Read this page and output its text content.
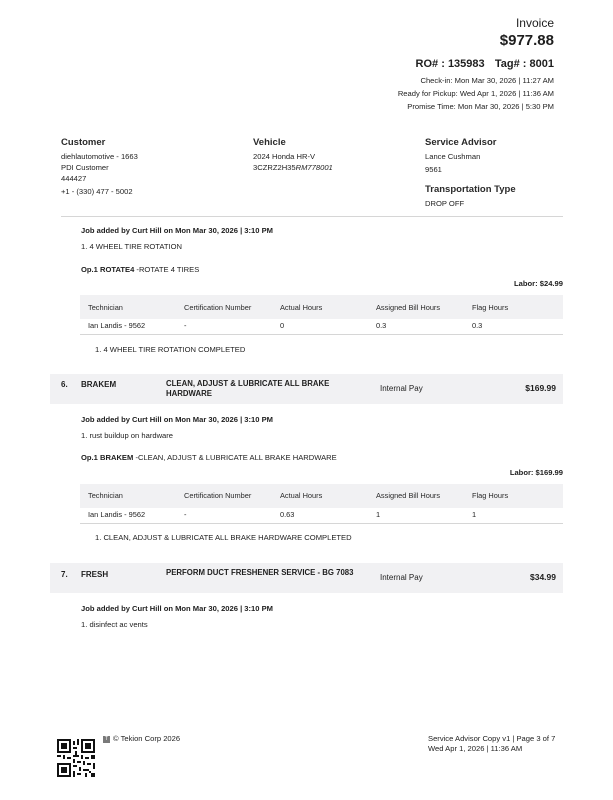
Invoice
$977.88
RO# : 135983 Tag# : 8001
Check-in: Mon Mar 30, 2026 | 11:27 AM
Ready for Pickup: Wed Apr 1, 2026 | 11:36 AM
Promise Time: Mon Mar 30, 2026 | 5:30 PM
Customer
diehlautomotive - 1663
PDI Customer
444427
+1 - (330) 477 - 5002
Vehicle
2024 Honda HR-V
3CZRZ2H35RM778001
Service Advisor
Lance Cushman
9561
Transportation Type
DROP OFF
Job added by Curt Hill on Mon Mar 30, 2026 | 3:10 PM
1. 4 WHEEL TIRE ROTATION
Op.1 ROTATE4 -ROTATE 4 TIRES
Labor: $24.99
Technician	Certification Number	Actual Hours	Assigned Bill Hours	Flag Hours
Ian Landis - 9562	-	0	0.3	0.3
1. 4 WHEEL TIRE ROTATION COMPLETED
6. BRAKEM	CLEAN, ADJUST & LUBRICATE ALL BRAKE HARDWARE
Internal Pay	$169.99
Job added by Curt Hill on Mon Mar 30, 2026 | 3:10 PM
1. rust buildup on hardware
Op.1 BRAKEM -CLEAN, ADJUST & LUBRICATE ALL BRAKE HARDWARE
Labor: $169.99
Technician	Certification Number	Actual Hours	Assigned Bill Hours	Flag Hours
Ian Landis - 9562	-	0.63	1	1
1. CLEAN, ADJUST & LUBRICATE ALL BRAKE HARDWARE COMPLETED
7. FRESH	PERFORM DUCT FRESHENER SERVICE - BG 7083
Internal Pay	$34.99
Job added by Curt Hill on Mon Mar 30, 2026 | 3:10 PM
1. disinfect ac vents
T © Tekion Corp 2026	Service Advisor Copy v1 | Page 3 of 7
Wed Apr 1, 2026 | 11:36 AM
